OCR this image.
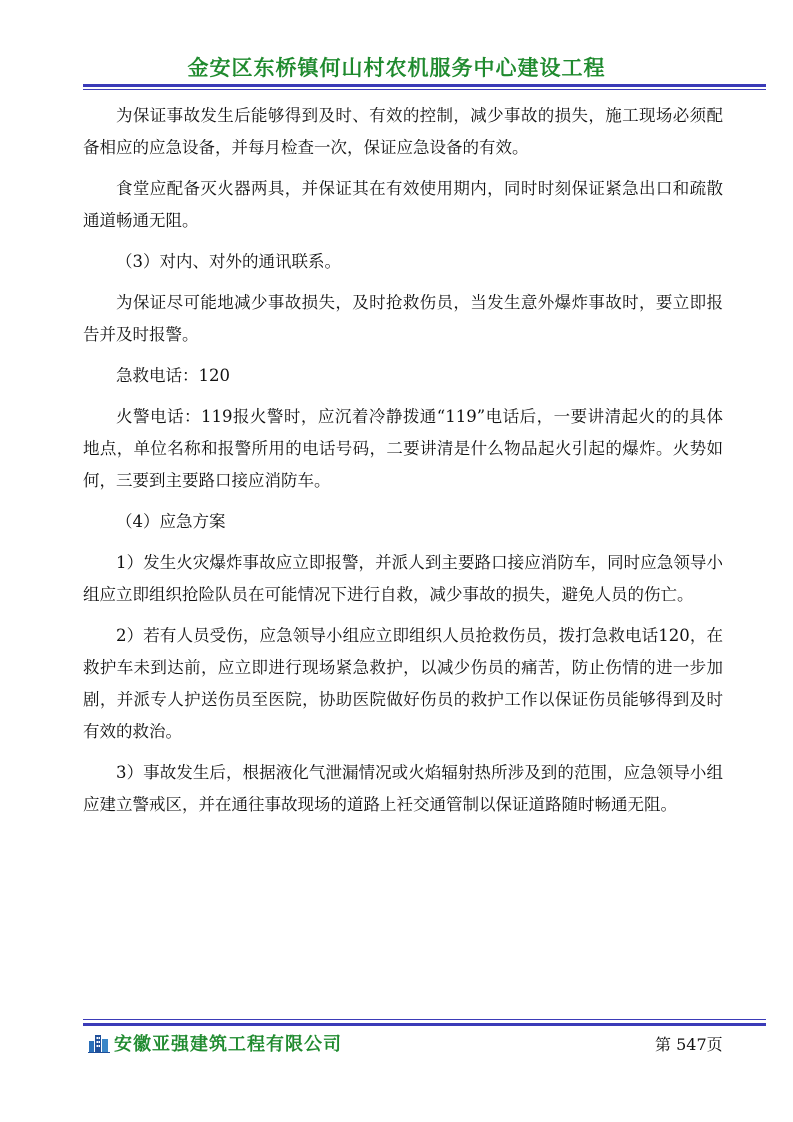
金安区东桥镇何山村农机服务中心建设工程

为保证事故发生后能够得到及时、有效的控制，减少事故的损失，施工现场必须配备相应的应急设备，并每月检查一次，保证应急设备的有效。

食堂应配备灭火器两具，并保证其在有效使用期内，同时时刻保证紧急出口和疏散通道畅通无阻。

（3）对内、对外的通讯联系。

为保证尽可能地减少事故损失，及时抢救伤员，当发生意外爆炸事故时，要立即报告并及时报警。

急救电话：120

火警电话：119报火警时，应沉着冷静拨通“119”电话后，一要讲清起火的的具体地点，单位名称和报警所用的电话号码，二要讲清是什么物品起火引起的爆炸。火势如何，三要到主要路口接应消防车。

（4）应急方案

1）发生火灾爆炸事故应立即报警，并派人到主要路口接应消防车，同时应急领导小组应立即组织抢险队员在可能情况下进行自救，减少事故的损失，避免人员的伤亡。

2）若有人员受伤，应急领导小组应立即组织人员抢救伤员，拨打急救电话120，在救护车未到达前，应立即进行现场紧急救护，以减少伤员的痛苦，防止伤情的进一步加剧，并派专人护送伤员至医院，协助医院做好伤员的救护工作以保证伤员能够得到及时有效的救治。

3）事故发生后，根据液化气泄漏情况或火焰辐射热所涉及到的范围，应急领导小组应建立警戒区，并在通往事故现场的道路上衽交通管制以保证道路随时畅通无阻。

安徽亚强建筑工程有限公司	第 547页
